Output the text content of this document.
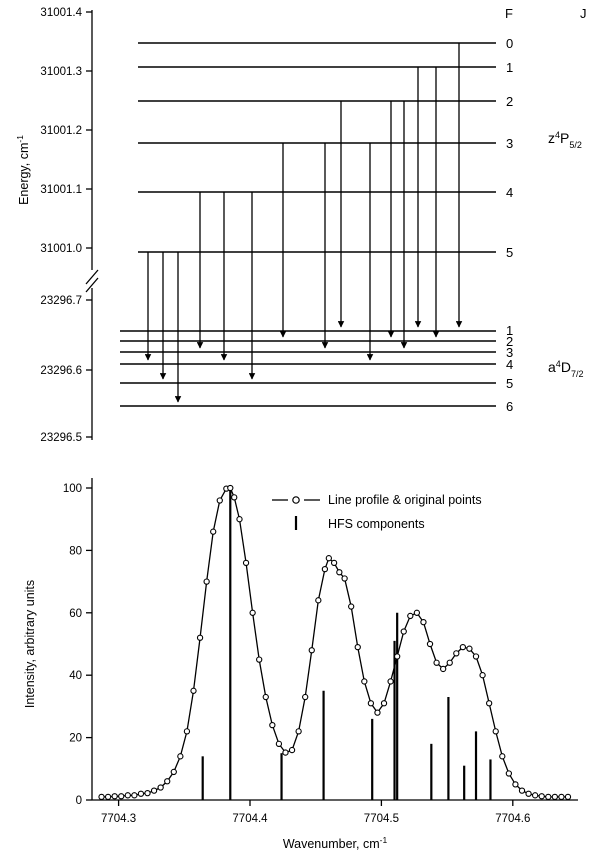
31001.4
31001.3
31001.2
31001.1
31001.0
23296.7
23296.6
23296.5
Energy, $cm^{-1}$
F	J
0
1
2
3
4
5
$z^4P_{5/2}$
1
2
3
4
5
6
$a^4D_{7/2}$
0
20
40
60
80
100
7704.3	7704.4	7704.5	7704.6
Intensity, arbitrary units
Wavenumber, $cm^{-1}$
Line profile & original points
HFS components
